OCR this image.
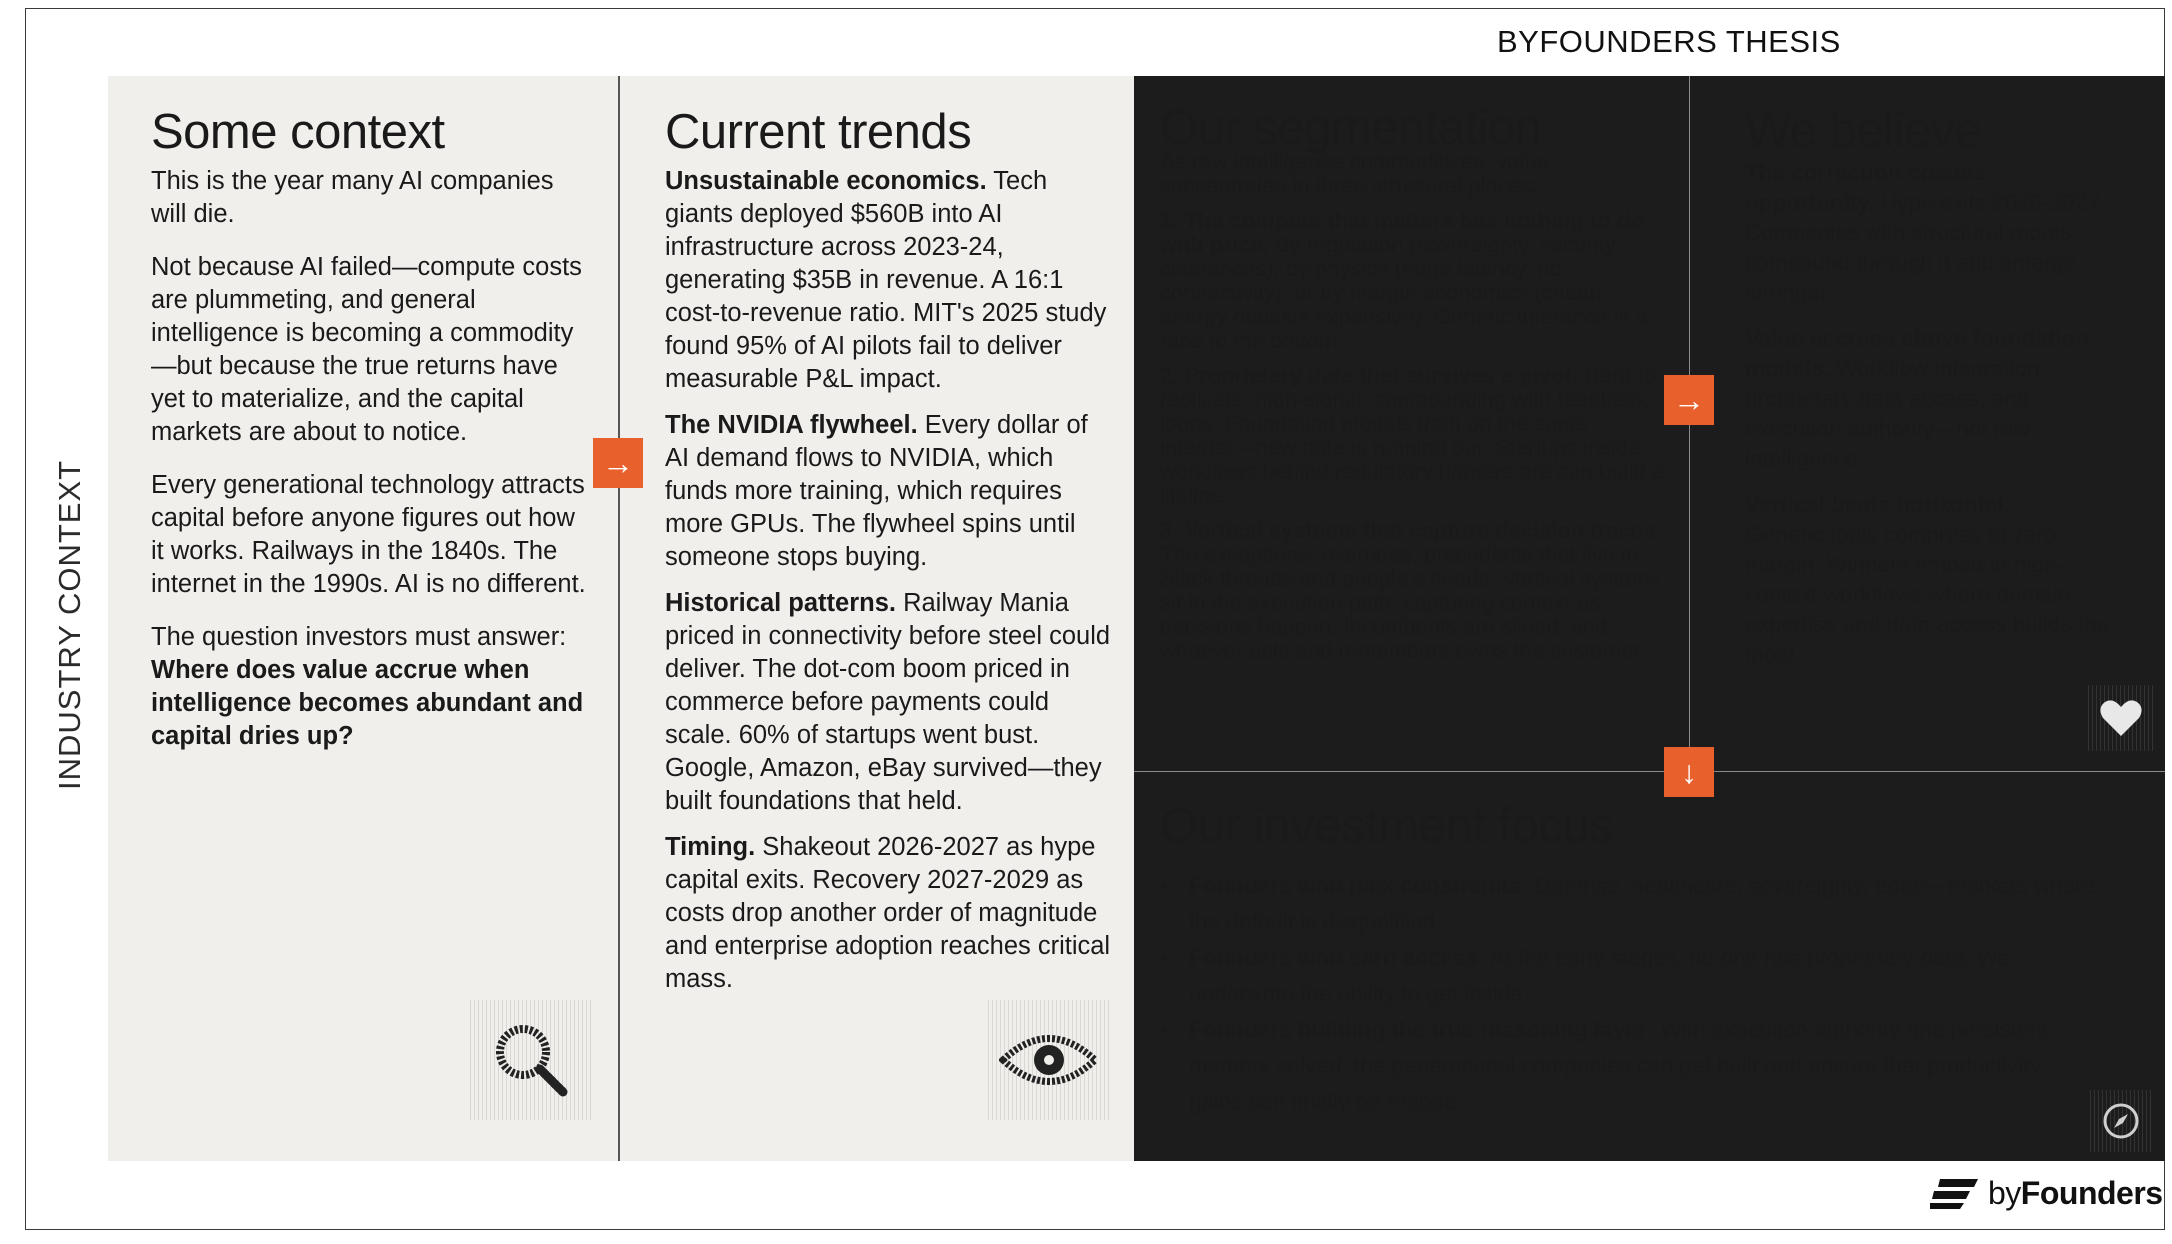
BYFOUNDERS THESIS
INDUSTRY CONTEXT
Some context

This is the year many AI companies will die.

Not because AI failed—compute costs are plummeting, and general intelligence is becoming a commodity—but because the true returns have yet to materialize, and the capital markets are about to notice.

Every generational technology attracts capital before anyone figures out how it works. Railways in the 1840s. The internet in the 1990s. AI is no different.

The question investors must answer:
Where does value accrue when intelligence becomes abundant and capital dries up?

Current trends

Unsustainable economics. Tech giants deployed $560B into AI infrastructure across 2023-24, generating $35B in revenue. A 16:1 cost-to-revenue ratio. MIT's 2025 study found 95% of AI pilots fail to deliver measurable P&L impact.

The NVIDIA flywheel. Every dollar of AI demand flows to NVIDIA, which funds more training, which requires more GPUs. The flywheel spins until someone stops buying.

Historical patterns. Railway Mania priced in connectivity before steel could deliver. The dot-com boom priced in commerce before payments could scale. 60% of startups went bust. Google, Amazon, eBay survived—they built foundations that held.

Timing. Shakeout 2026-2027 as hype capital exits. Recovery 2027-2029 as costs drop another order of magnitude and enterprise adoption reaches critical mass.

Our segmentation

As raw intelligence commoditizes, value concentrates in three structural places:

1. The compute that matters has nothing to do with price. By regulation (sovereignty, security clearances), by physics (edge latency, no connectivity), or by margin economics (cheap energy outlasts expensive). Generic inference is a race to the bottom.

2. Proprietary data that survives a pivot. Hard to replicate, high-signal, compounding with feedback loops. Foundation models train on the same internet—new data is running out. Startups inside workflows behind regulatory barriers are can build a lifeline.

3. Vertical systems that capture decision traces. The exceptions, overrides, precedents that live in Slack threads and people's heads. Vertical systems sit in the execution path, capturing context as decisions happen. Incumbents are siloed, and whoever acts and remembers owns the customer.

We believe

The correction creates opportunity. Hype exits 2026-2027. Companies with structural moats compound through it and emerge stronger.

Value accrues above foundation models. Workflow integration, proprietary data access, and execution authority—not raw intelligence.

Vertical beats horizontal.
Generic tools compress to zero margin. Winners embed in high-context workflows where domain expertise and data access builds the moat.

Our investment focus
• Founders who pick constraints: Defense, healthcare, sovereignty, edge—markets where the default is disqualified.
• Founders who earn access: At the early stages, no one has proprietary data. We underwrite the ability to get inside.
• Founders building the true reasoning layer: With execution authority and persistent memory solved, the generational companies can get built and ensure that productivity gains can finally be reaped.
→
→
↓
byFounders
